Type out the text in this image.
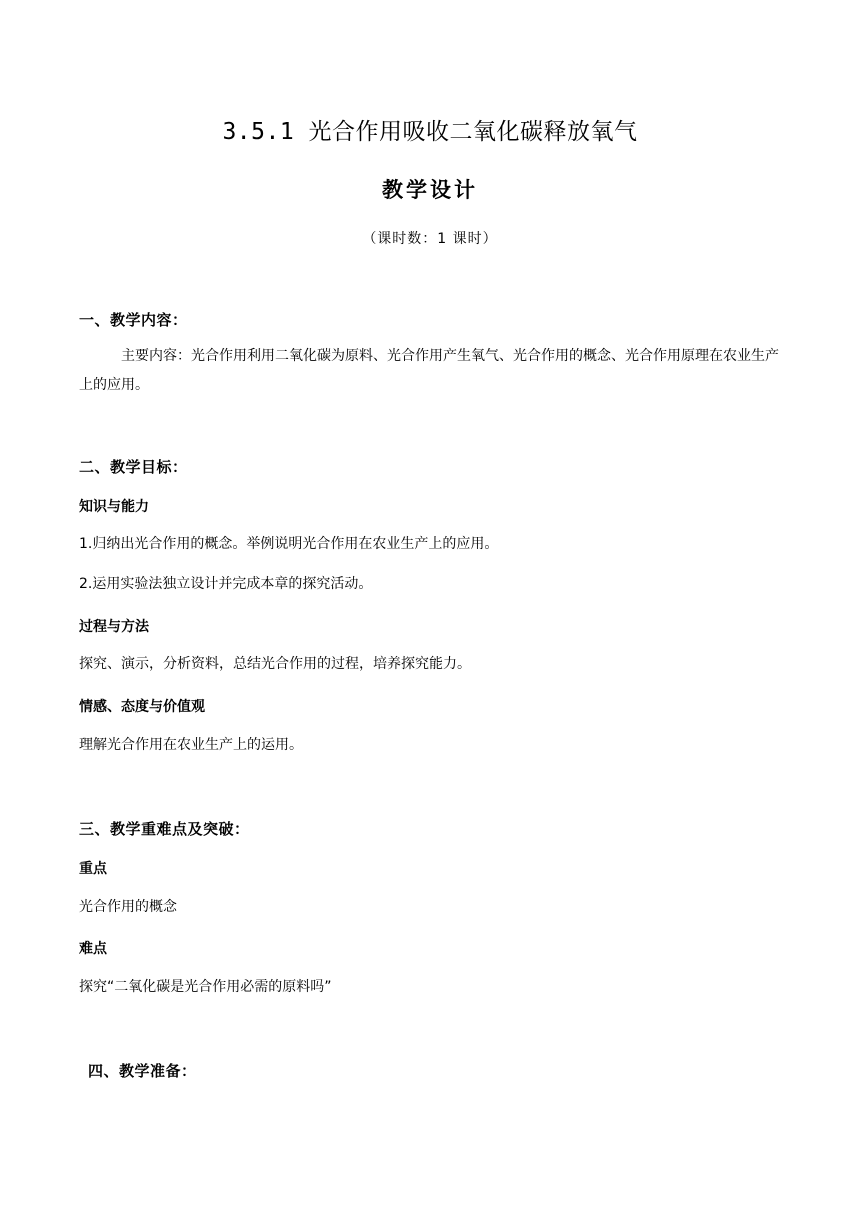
3.5.1 光合作用吸收二氧化碳释放氧气
教学设计
（课时数：1 课时）
一、教学内容：
主要内容：光合作用利用二氧化碳为原料、光合作用产生氧气、光合作用的概念、光合作用原理在农业生产上的应用。
二、教学目标：
知识与能力
1.归纳出光合作用的概念。举例说明光合作用在农业生产上的应用。
2.运用实验法独立设计并完成本章的探究活动。
过程与方法
探究、演示，分析资料，总结光合作用的过程，培养探究能力。
情感、态度与价值观
理解光合作用在农业生产上的运用。
三、教学重难点及突破：
重点
光合作用的概念
难点
探究“二氧化碳是光合作用必需的原料吗”
四、教学准备：
